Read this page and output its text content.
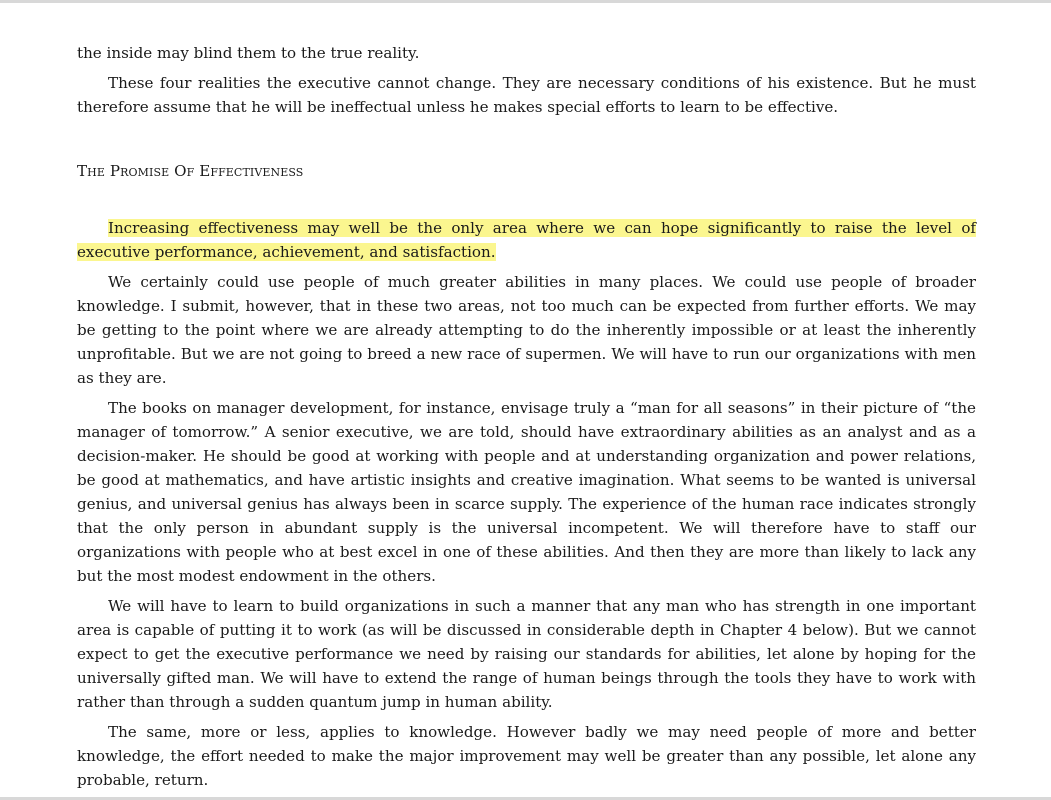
the inside may blind them to the true reality.

These four realities the executive cannot change. They are necessary conditions of his existence. But he must therefore assume that he will be ineffectual unless he makes special efforts to learn to be effective.

The Promise Of Effectiveness

Increasing effectiveness may well be the only area where we can hope significantly to raise the level of executive performance, achievement, and satisfaction.

We certainly could use people of much greater abilities in many places. We could use people of broader knowledge. I submit, however, that in these two areas, not too much can be expected from further efforts. We may be getting to the point where we are already attempting to do the inherently impossible or at least the inherently unprofitable. But we are not going to breed a new race of supermen. We will have to run our organizations with men as they are.

The books on manager development, for instance, envisage truly a “man for all seasons” in their picture of “the manager of tomorrow.” A senior executive, we are told, should have extraordinary abilities as an analyst and as a decision-maker. He should be good at working with people and at understanding organization and power relations, be good at mathematics, and have artistic insights and creative imagination. What seems to be wanted is universal genius, and universal genius has always been in scarce supply. The experience of the human race indicates strongly that the only person in abundant supply is the universal incompetent. We will therefore have to staff our organizations with people who at best excel in one of these abilities. And then they are more than likely to lack any but the most modest endowment in the others.

We will have to learn to build organizations in such a manner that any man who has strength in one important area is capable of putting it to work (as will be discussed in considerable depth in Chapter 4 below). But we cannot expect to get the executive performance we need by raising our standards for abilities, let alone by hoping for the universally gifted man. We will have to extend the range of human beings through the tools they have to work with rather than through a sudden quantum jump in human ability.

The same, more or less, applies to knowledge. However badly we may need people of more and better knowledge, the effort needed to make the major improvement may well be greater than any possible, let alone any probable, return.
